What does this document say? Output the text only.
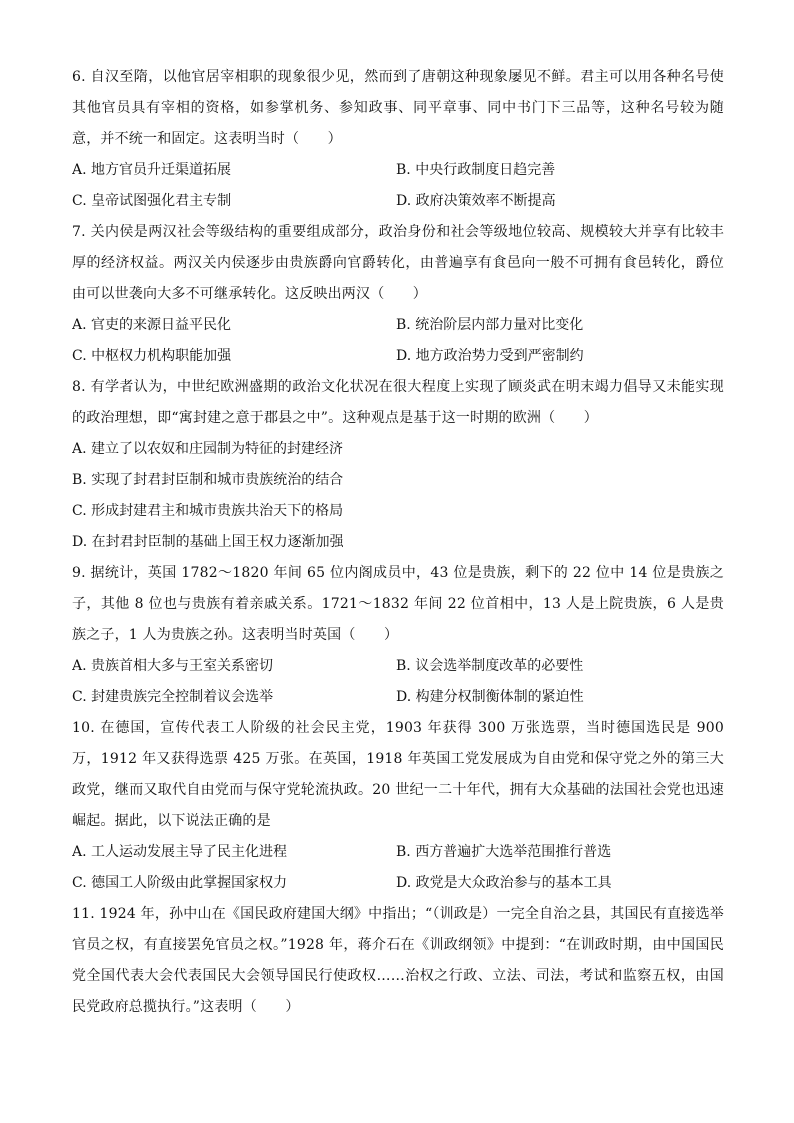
6. 自汉至隋，以他官居宰相职的现象很少见，然而到了唐朝这种现象屡见不鲜。君主可以用各种名号使其他官员具有宰相的资格，如参掌机务、参知政事、同平章事、同中书门下三品等，这种名号较为随意，并不统一和固定。这表明当时（　　）

A. 地方官员升迁渠道拓展	B. 中央行政制度日趋完善
C. 皇帝试图强化君主专制	D. 政府决策效率不断提高

7. 关内侯是两汉社会等级结构的重要组成部分，政治身份和社会等级地位较高、规模较大并享有比较丰厚的经济权益。两汉关内侯逐步由贵族爵向官爵转化，由普遍享有食邑向一般不可拥有食邑转化，爵位由可以世袭向大多不可继承转化。这反映出两汉（　　）

A. 官吏的来源日益平民化	B. 统治阶层内部力量对比变化
C. 中枢权力机构职能加强	D. 地方政治势力受到严密制约

8. 有学者认为，中世纪欧洲盛期的政治文化状况在很大程度上实现了顾炎武在明末竭力倡导又未能实现的政治理想，即“寓封建之意于郡县之中”。这种观点是基于这一时期的欧洲（　　）

A. 建立了以农奴和庄园制为特征的封建经济
B. 实现了封君封臣制和城市贵族统治的结合
C. 形成封建君主和城市贵族共治天下的格局
D. 在封君封臣制的基础上国王权力逐渐加强

9. 据统计，英国 1782～1820 年间 65 位内阁成员中，43 位是贵族，剩下的 22 位中 14 位是贵族之子，其他 8 位也与贵族有着亲戚关系。1721～1832 年间 22 位首相中，13 人是上院贵族，6 人是贵族之子，1 人为贵族之孙。这表明当时英国（　　）

A. 贵族首相大多与王室关系密切	B. 议会选举制度改革的必要性
C. 封建贵族完全控制着议会选举	D. 构建分权制衡体制的紧迫性

10. 在德国，宣传代表工人阶级的社会民主党，1903 年获得 300 万张选票，当时德国选民是 900 万，1912 年又获得选票 425 万张。在英国，1918 年英国工党发展成为自由党和保守党之外的第三大政党，继而又取代自由党而与保守党轮流执政。20 世纪一二十年代，拥有大众基础的法国社会党也迅速崛起。据此，以下说法正确的是

A. 工人运动发展主导了民主化进程	B. 西方普遍扩大选举范围推行普选
C. 德国工人阶级由此掌握国家权力	D. 政党是大众政治参与的基本工具

11. 1924 年，孙中山在《国民政府建国大纲》中指出；“（训政是）一完全自治之县，其国民有直接选举官员之权，有直接罢免官员之权。”1928 年，蒋介石在《训政纲领》中提到：“在训政时期，由中国国民党全国代表大会代表国民大会领导国民行使政权……治权之行政、立法、司法，考试和监察五权，由国民党政府总揽执行。”这表明（　　）
